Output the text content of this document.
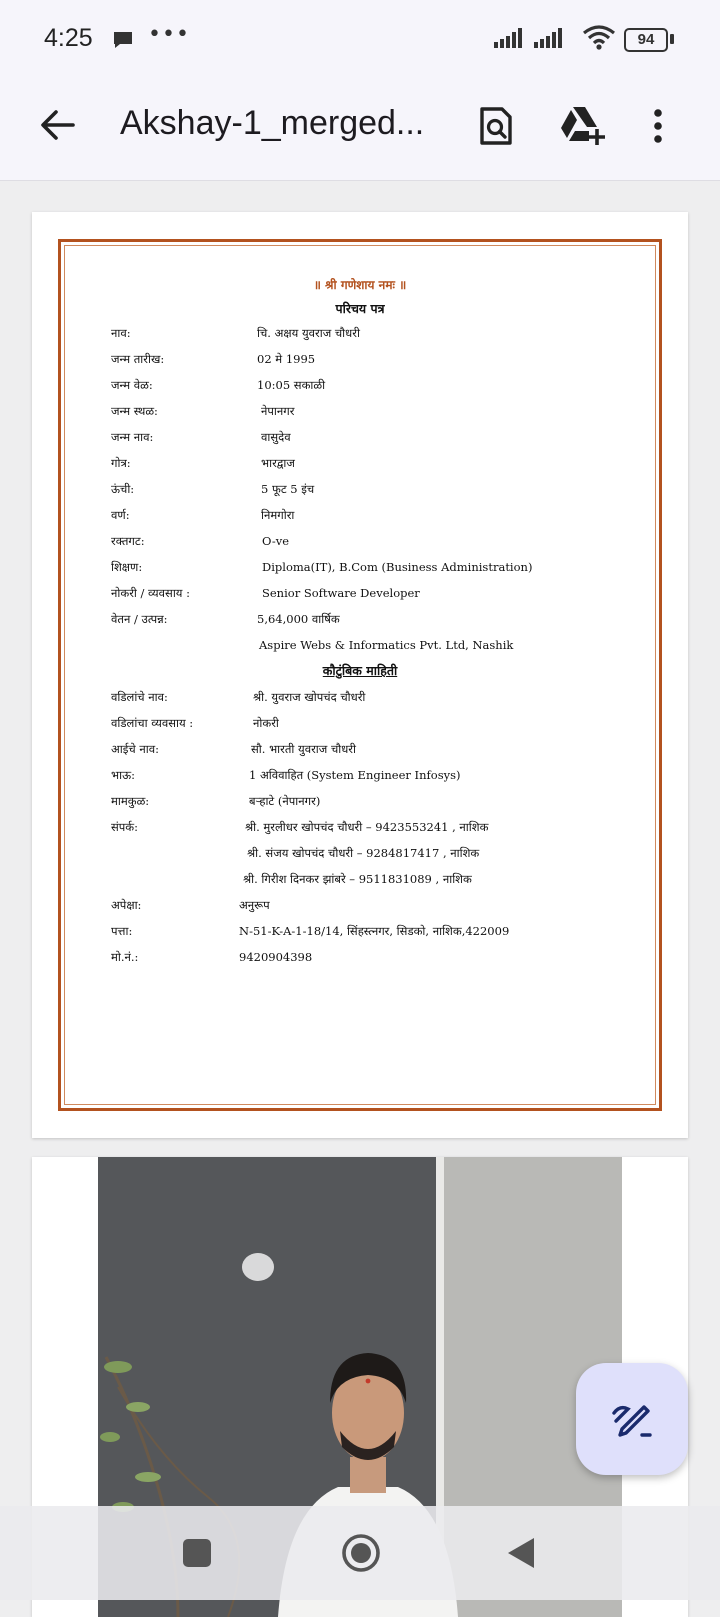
4:25	•••	94
Akshay-1_merged...
॥ श्री गणेशाय नमः ॥
परिचय पत्र
नाव:	चि. अक्षय युवराज चौधरी
जन्म तारीख:	02 मे 1995
जन्म वेळ:	10:05 सकाळी
जन्म स्थळ:	नेपानगर
जन्म नाव:	वासुदेव
गोत्र:	भारद्वाज
ऊंची:	5 फूट 5 इंच
वर्ण:	निमगोरा
रक्तगट:	O-ve
शिक्षण:	Diploma(IT), B.Com (Business Administration)
नोकरी / व्यवसाय :	Senior Software Developer
वेतन / उत्पन्न:	5,64,000 वार्षिक
Aspire Webs & Informatics Pvt. Ltd, Nashik
कौटुंबिक माहिती
वडिलांचे नाव:	श्री. युवराज खोपचंद चौधरी
वडिलांचा व्यवसाय :	नोकरी
आईचे नाव:	सौ. भारती युवराज चौधरी
भाऊ:	1 अविवाहित (System Engineer Infosys)
मामकुळ:	बऱ्हाटे (नेपानगर)
संपर्क:	श्री. मुरलीधर खोपचंद चौधरी – 9423553241 , नाशिक
श्री. संजय खोपचंद चौधरी – 9284817417 , नाशिक
श्री. गिरीश दिनकर झांबरे – 9511831089 , नाशिक
अपेक्षा:	अनुरूप
पत्ता:	N-51-K-A-1-18/14, सिंहस्त्नगर, सिडको, नाशिक,422009
मो.नं.:	9420904398
